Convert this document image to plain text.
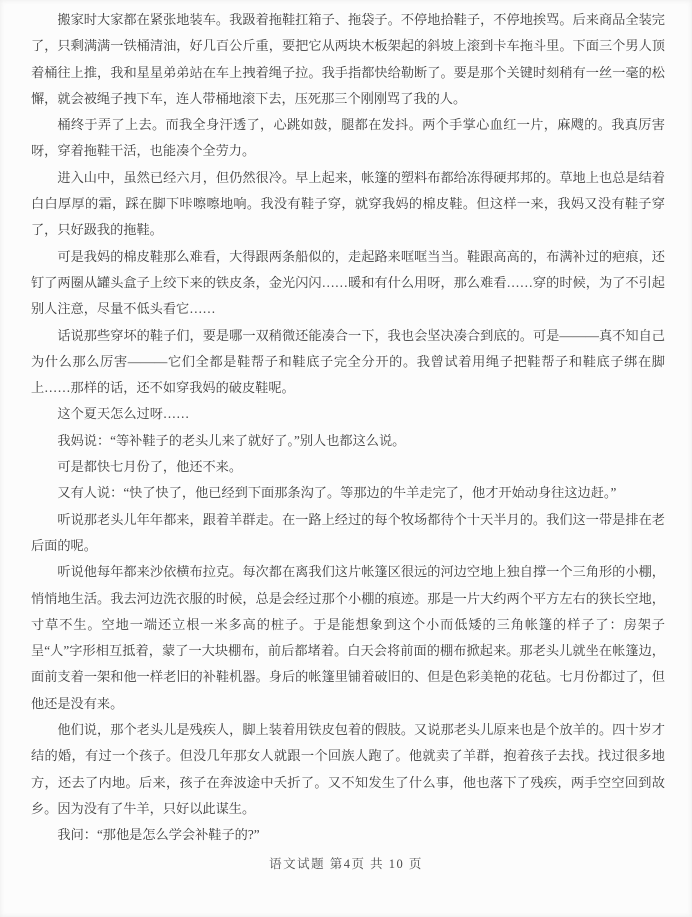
搬家时大家都在紧张地装车。我趿着拖鞋扛箱子、拖袋子。不停地拾鞋子，不停地挨骂。后来商品全装完了，只剩满满一铁桶清油，好几百公斤重，要把它从两块木板架起的斜坡上滚到卡车拖斗里。下面三个男人顶着桶往上推，我和星星弟弟站在车上拽着绳子拉。我手指都快给勒断了。要是那个关键时刻稍有一丝一毫的松懈，就会被绳子拽下车，连人带桶地滚下去，压死那三个刚刚骂了我的人。

桶终于弄了上去。而我全身汗透了，心跳如鼓，腿都在发抖。两个手掌心血红一片，麻飕的。我真厉害呀，穿着拖鞋干活，也能凑个全劳力。

进入山中，虽然已经六月，但仍然很冷。早上起来，帐篷的塑料布都给冻得硬邦邦的。草地上也总是结着白白厚厚的霜，踩在脚下咔嚓嚓地响。我没有鞋子穿，就穿我妈的棉皮鞋。但这样一来，我妈又没有鞋子穿了，只好趿我的拖鞋。

可是我妈的棉皮鞋那么难看，大得跟两条船似的，走起路来哐哐当当。鞋跟高高的，布满补过的疤痕，还钉了两圈从罐头盒子上绞下来的铁皮条，金光闪闪……暖和有什么用呀，那么难看……穿的时候，为了不引起别人注意，尽量不低头看它……

话说那些穿坏的鞋子们，要是哪一双稍微还能凑合一下，我也会坚决凑合到底的。可是———真不知自己为什么那么厉害———它们全都是鞋帮子和鞋底子完全分开的。我曾试着用绳子把鞋帮子和鞋底子绑在脚上……那样的话，还不如穿我妈的破皮鞋呢。

这个夏天怎么过呀……

我妈说：“等补鞋子的老头儿来了就好了。”别人也都这么说。

可是都快七月份了，他还不来。

又有人说：“快了快了，他已经到下面那条沟了。等那边的牛羊走完了，他才开始动身往这边赶。”

听说那老头儿年年都来，跟着羊群走。在一路上经过的每个牧场都待个十天半月的。我们这一带是排在老后面的呢。

听说他每年都来沙依横布拉克。每次都在离我们这片帐篷区很远的河边空地上独自撑一个三角形的小棚，悄悄地生活。我去河边洗衣服的时候，总是会经过那个小棚的痕迹。那是一片大约两个平方左右的狭长空地，寸草不生。空地一端还立根一米多高的桩子。于是能想象到这个小而低矮的三角帐篷的样子了：房架子呈“人”字形相互抵着，蒙了一大块棚布，前后都堵着。白天会将前面的棚布掀起来。那老头儿就坐在帐篷边，面前支着一架和他一样老旧的补鞋机器。身后的帐篷里铺着破旧的、但是色彩美艳的花毡。七月份都过了，但他还是没有来。

他们说，那个老头儿是残疾人，脚上装着用铁皮包着的假肢。又说那老头儿原来也是个放羊的。四十岁才结的婚，有过一个孩子。但没几年那女人就跟一个回族人跑了。他就卖了羊群，抱着孩子去找。找过很多地方，还去了内地。后来，孩子在奔波途中夭折了。又不知发生了什么事，他也落下了残疾，两手空空回到故乡。因为没有了牛羊，只好以此谋生。

我问：“那他是怎么学会补鞋子的?”

语文试题 第4页 共 10 页
